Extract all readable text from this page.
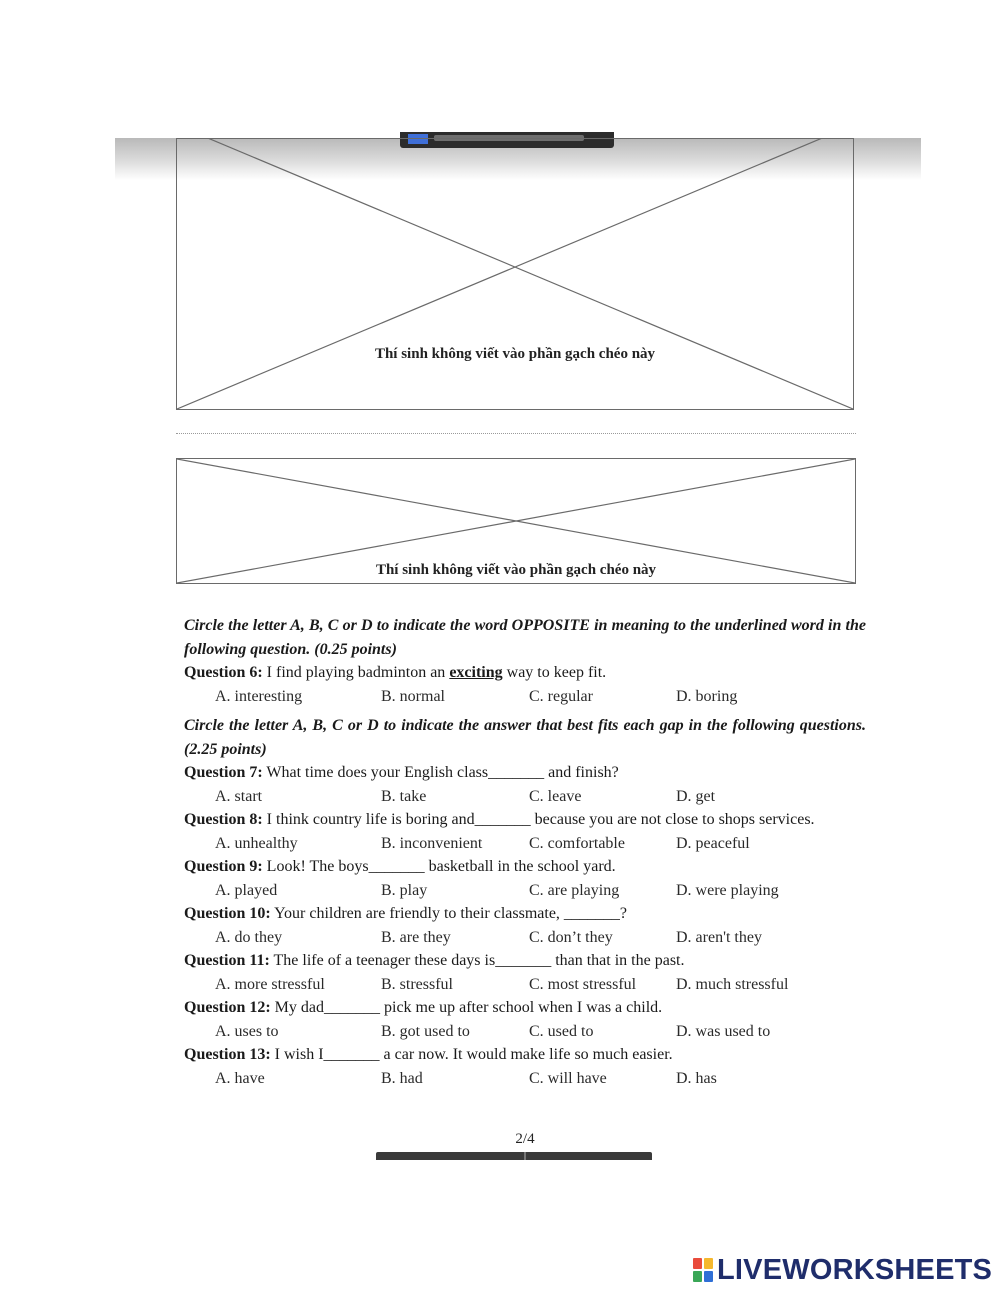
Thí sinh không viết vào phần gạch chéo này
Thí sinh không viết vào phần gạch chéo này
Circle the letter A, B, C or D to indicate the word OPPOSITE in meaning to the underlined word in the following question. (0.25 points)
Question 6: I find playing badminton an exciting way to keep fit.
A. interesting	B. normal	C. regular	D. boring
Circle the letter A, B, C or D to indicate the answer that best fits each gap in the following questions. (2.25 points)
Question 7: What time does your English class_______ and finish?
A. start	B. take	C. leave	D. get
Question 8: I think country life is boring and_______ because you are not close to shops services.
A. unhealthy	B. inconvenient	C. comfortable	D. peaceful
Question 9: Look! The boys_______ basketball in the school yard.
A. played	B. play	C. are playing	D. were playing
Question 10: Your children are friendly to their classmate, _______?
A. do they	B. are they	C. don’t they	D. aren't they
Question 11: The life of a teenager these days is_______ than that in the past.
A. more stressful	B. stressful	C. most stressful	D. much stressful
Question 12: My dad_______ pick me up after school when I was a child.
A. uses to	B. got used to	C. used to	D. was used to
Question 13: I wish I_______ a car now. It would make life so much easier.
A. have	B. had	C. will have	D. has
2/4
LIVEWORKSHEETS
